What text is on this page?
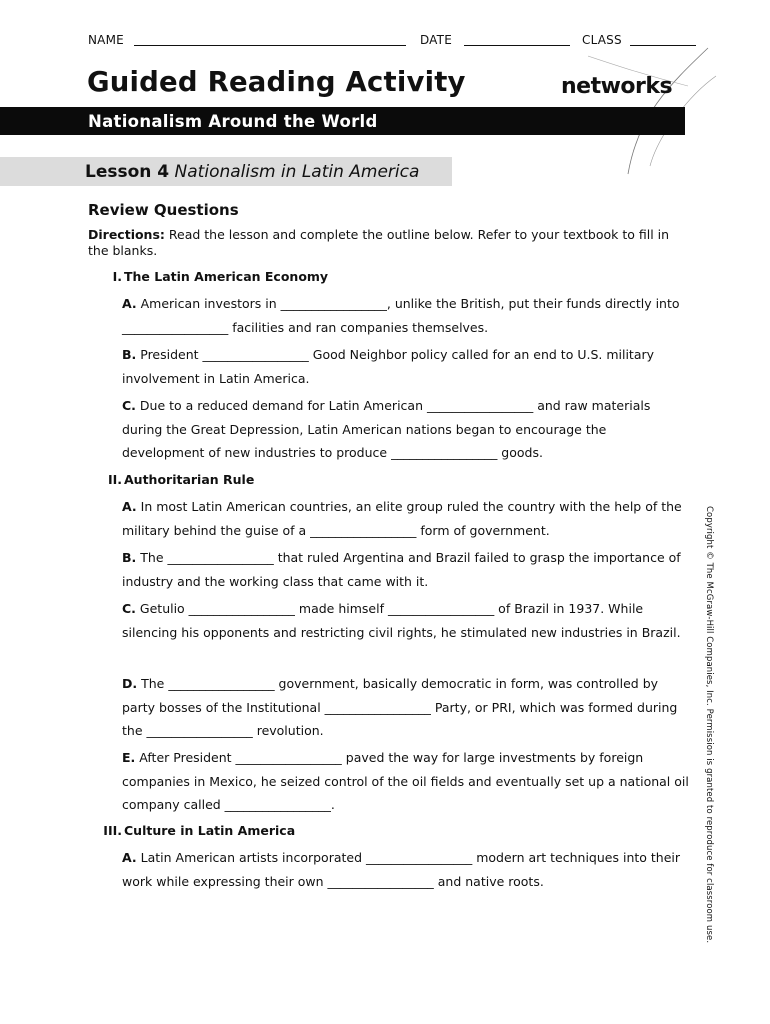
NAME	DATE	CLASS
Guided Reading Activity	networks
Nationalism Around the World
Lesson 4 Nationalism in Latin America
Review Questions
Directions: Read the lesson and complete the outline below. Refer to your textbook to fill in the blanks.
I. The Latin American Economy
A. American investors in _________________, unlike the British, put their funds directly into _________________ facilities and ran companies themselves.
B. President _________________ Good Neighbor policy called for an end to U.S. military involvement in Latin America.
C. Due to a reduced demand for Latin American _________________ and raw materials during the Great Depression, Latin American nations began to encourage the development of new industries to produce _________________ goods.
II. Authoritarian Rule
A. In most Latin American countries, an elite group ruled the country with the help of the military behind the guise of a _________________ form of government.
B. The _________________ that ruled Argentina and Brazil failed to grasp the importance of industry and the working class that came with it.
C. Getulio _________________ made himself _________________ of Brazil in 1937. While silencing his opponents and restricting civil rights, he stimulated new industries in Brazil.
D. The _________________ government, basically democratic in form, was controlled by party bosses of the Institutional _________________ Party, or PRI, which was formed during the _________________ revolution.
E. After President _________________ paved the way for large investments by foreign companies in Mexico, he seized control of the oil fields and eventually set up a national oil company called _________________.
III. Culture in Latin America
A. Latin American artists incorporated _________________ modern art techniques into their work while expressing their own _________________ and native roots.	Copyright © The McGraw-Hill Companies, Inc. Permission is granted to reproduce for classroom use.
